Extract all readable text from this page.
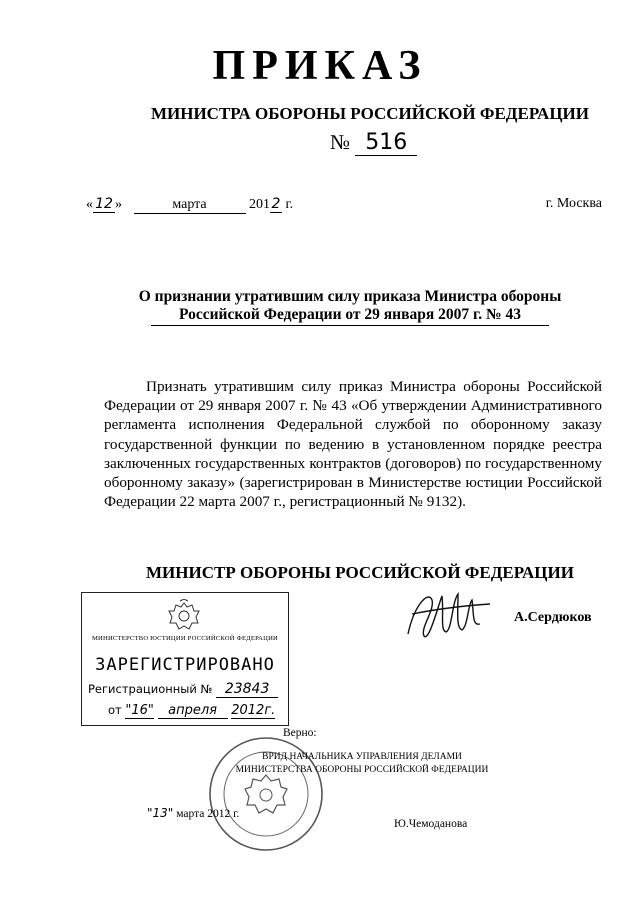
ПРИКАЗ
МИНИСТРА ОБОРОНЫ РОССИЙСКОЙ ФЕДЕРАЦИИ
№ 516
« 12 »	марта	201 2 г.	г. Москва
О признании утратившим силу приказа Министра обороны
Российской Федерации от 29 января 2007 г. № 43
Признать утратившим силу приказ Министра обороны Российской Федерации от 29 января 2007 г. № 43 «Об утверждении Административного регламента исполнения Федеральной службой по оборонному заказу государственной функции по ведению в установленном порядке реестра заключенных государственных контрактов (договоров) по государственному оборонному заказу» (зарегистрирован в Министерстве юстиции Российской Федерации 22 марта 2007 г., регистрационный № 9132).
МИНИСТР ОБОРОНЫ РОССИЙСКОЙ ФЕДЕРАЦИИ
А.Сердюков
МИНИСТЕРСТВО ЮСТИЦИИ РОССИЙСКОЙ ФЕДЕРАЦИИ
ЗАРЕГИСТРИРОВАНО
Регистрационный № 23843
от "16" апреля 2012г.
Верно:
ВРИД НАЧАЛЬНИКА УПРАВЛЕНИЯ ДЕЛАМИ
МИНИСТЕРСТВА ОБОРОНЫ РОССИЙСКОЙ ФЕДЕРАЦИИ
"13" марта 2012 г.
Ю.Чемоданова
